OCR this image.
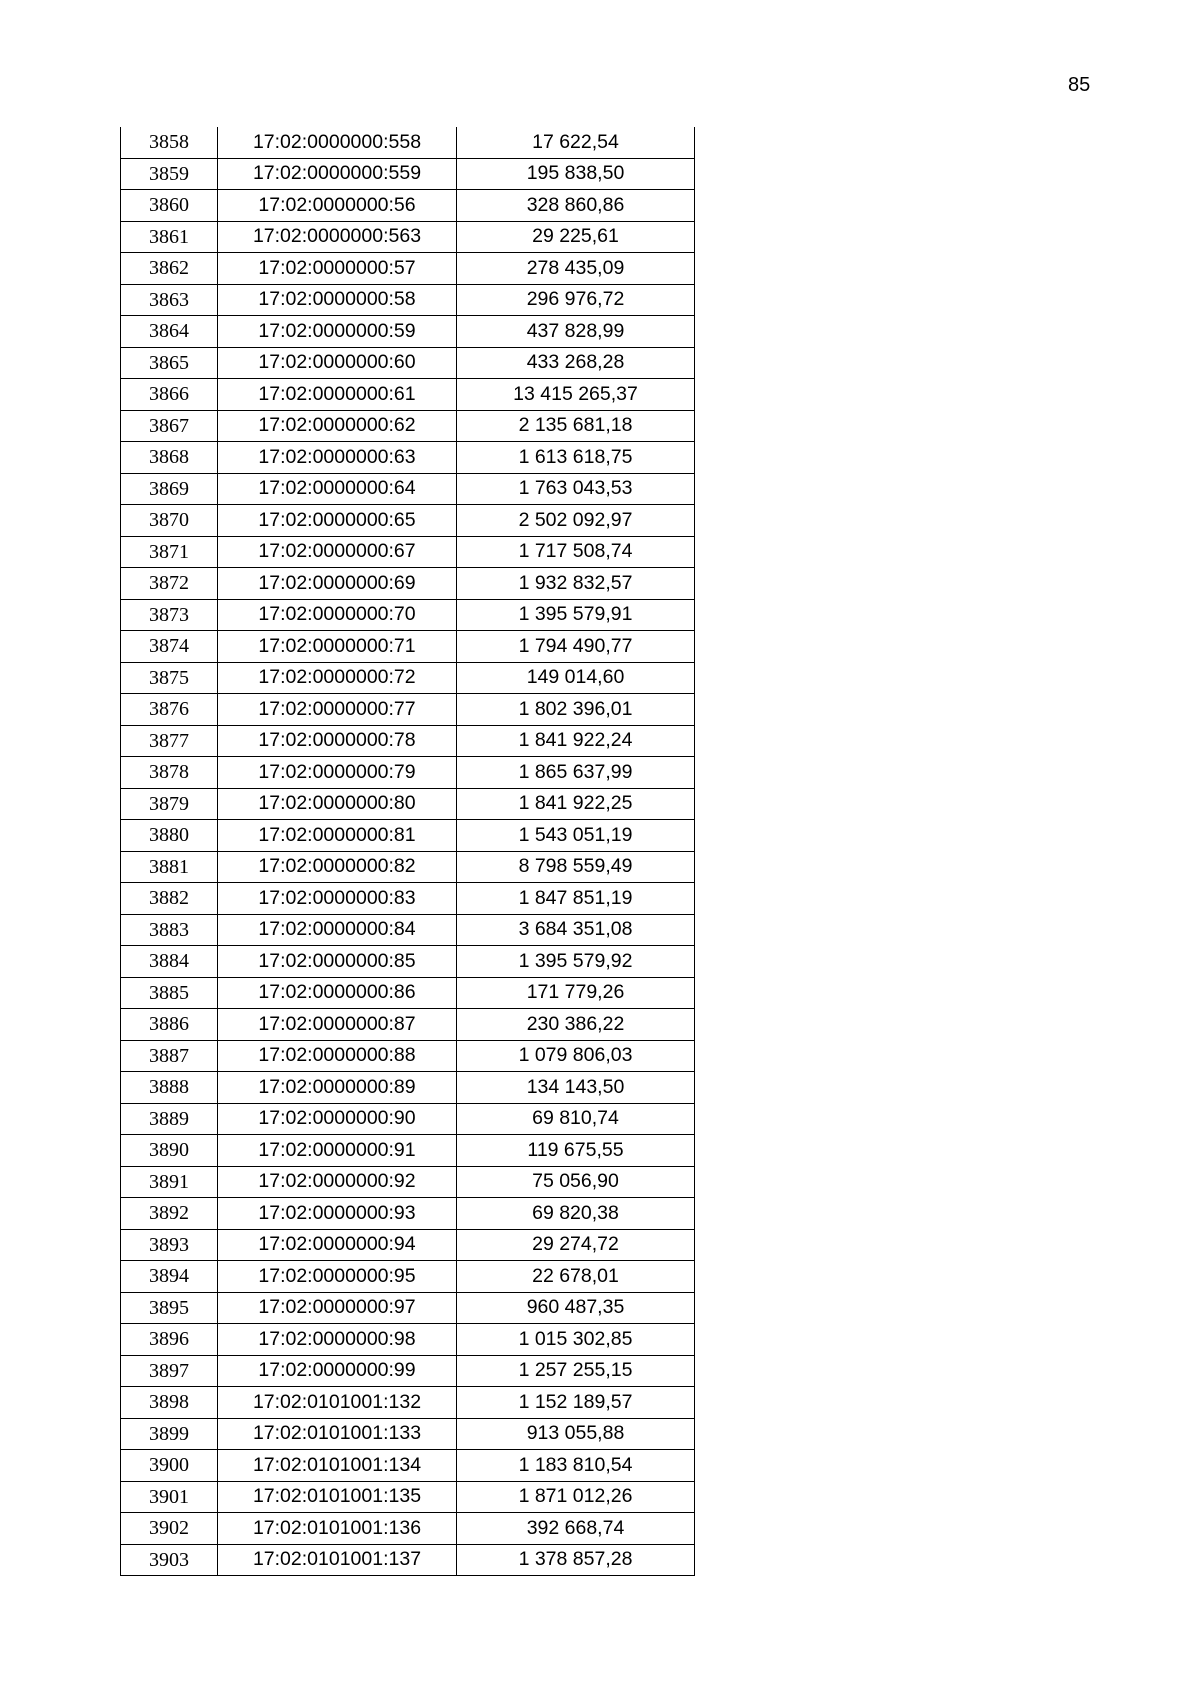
85
3858	17:02:0000000:558	17 622,54
3859	17:02:0000000:559	195 838,50
3860	17:02:0000000:56	328 860,86
3861	17:02:0000000:563	29 225,61
3862	17:02:0000000:57	278 435,09
3863	17:02:0000000:58	296 976,72
3864	17:02:0000000:59	437 828,99
3865	17:02:0000000:60	433 268,28
3866	17:02:0000000:61	13 415 265,37
3867	17:02:0000000:62	2 135 681,18
3868	17:02:0000000:63	1 613 618,75
3869	17:02:0000000:64	1 763 043,53
3870	17:02:0000000:65	2 502 092,97
3871	17:02:0000000:67	1 717 508,74
3872	17:02:0000000:69	1 932 832,57
3873	17:02:0000000:70	1 395 579,91
3874	17:02:0000000:71	1 794 490,77
3875	17:02:0000000:72	149 014,60
3876	17:02:0000000:77	1 802 396,01
3877	17:02:0000000:78	1 841 922,24
3878	17:02:0000000:79	1 865 637,99
3879	17:02:0000000:80	1 841 922,25
3880	17:02:0000000:81	1 543 051,19
3881	17:02:0000000:82	8 798 559,49
3882	17:02:0000000:83	1 847 851,19
3883	17:02:0000000:84	3 684 351,08
3884	17:02:0000000:85	1 395 579,92
3885	17:02:0000000:86	171 779,26
3886	17:02:0000000:87	230 386,22
3887	17:02:0000000:88	1 079 806,03
3888	17:02:0000000:89	134 143,50
3889	17:02:0000000:90	69 810,74
3890	17:02:0000000:91	119 675,55
3891	17:02:0000000:92	75 056,90
3892	17:02:0000000:93	69 820,38
3893	17:02:0000000:94	29 274,72
3894	17:02:0000000:95	22 678,01
3895	17:02:0000000:97	960 487,35
3896	17:02:0000000:98	1 015 302,85
3897	17:02:0000000:99	1 257 255,15
3898	17:02:0101001:132	1 152 189,57
3899	17:02:0101001:133	913 055,88
3900	17:02:0101001:134	1 183 810,54
3901	17:02:0101001:135	1 871 012,26
3902	17:02:0101001:136	392 668,74
3903	17:02:0101001:137	1 378 857,28
